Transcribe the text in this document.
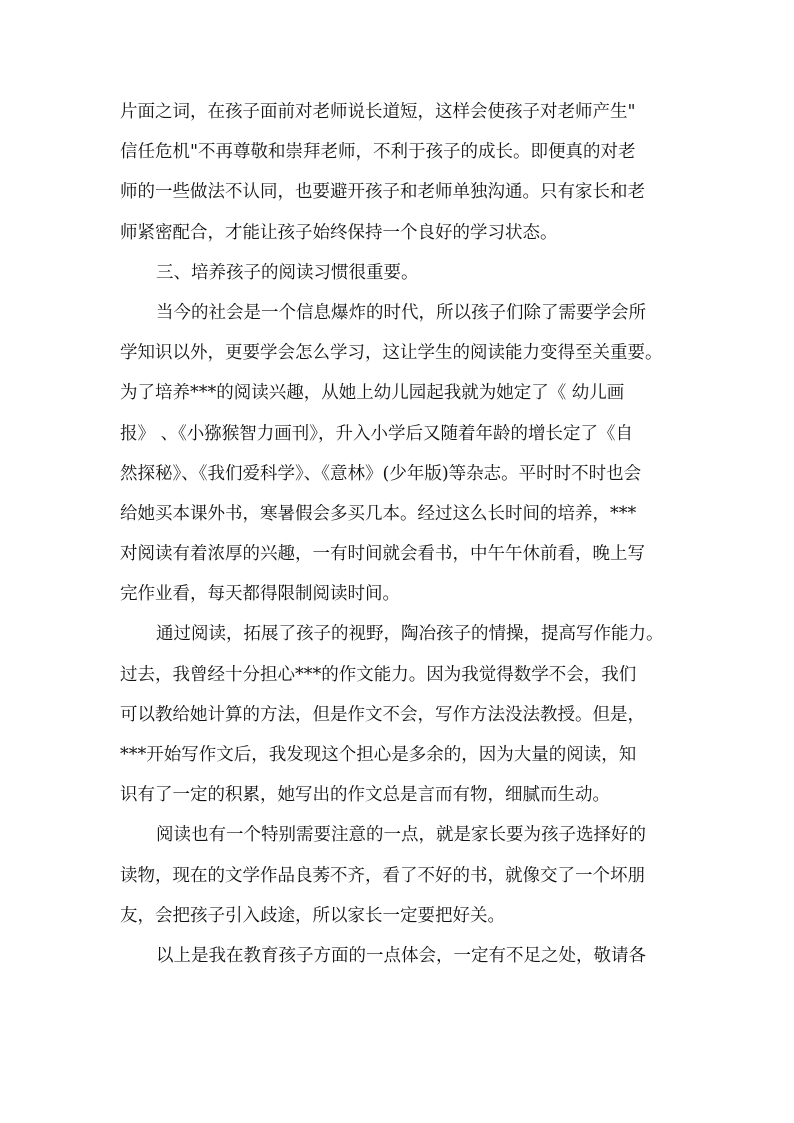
片面之词，在孩子面前对老师说长道短，这样会使孩子对老师产生"
信任危机"不再尊敬和崇拜老师，不利于孩子的成长。即便真的对老
师的一些做法不认同，也要避开孩子和老师单独沟通。只有家长和老
师紧密配合，才能让孩子始终保持一个良好的学习状态。
三、培养孩子的阅读习惯很重要。
当今的社会是一个信息爆炸的时代，所以孩子们除了需要学会所
学知识以外，更要学会怎么学习，这让学生的阅读能力变得至关重要。
为了培养***的阅读兴趣，从她上幼儿园起我就为她定了《 幼儿画
报》 、《小猕猴智力画刊》，升入小学后又随着年龄的增长定了《自
然探秘》、《我们爱科学》、《意林》(少年版)等杂志。平时时不时也会
给她买本课外书，寒暑假会多买几本。经过这么长时间的培养，***
对阅读有着浓厚的兴趣，一有时间就会看书，中午午休前看，晚上写
完作业看，每天都得限制阅读时间。
通过阅读，拓展了孩子的视野，陶冶孩子的情操，提高写作能力。
过去，我曾经十分担心***的作文能力。因为我觉得数学不会，我们
可以教给她计算的方法，但是作文不会，写作方法没法教授。但是，
***开始写作文后，我发现这个担心是多余的，因为大量的阅读，知
识有了一定的积累，她写出的作文总是言而有物，细腻而生动。
阅读也有一个特别需要注意的一点，就是家长要为孩子选择好的
读物，现在的文学作品良莠不齐，看了不好的书，就像交了一个坏朋
友，会把孩子引入歧途，所以家长一定要把好关。
以上是我在教育孩子方面的一点体会，一定有不足之处，敬请各
